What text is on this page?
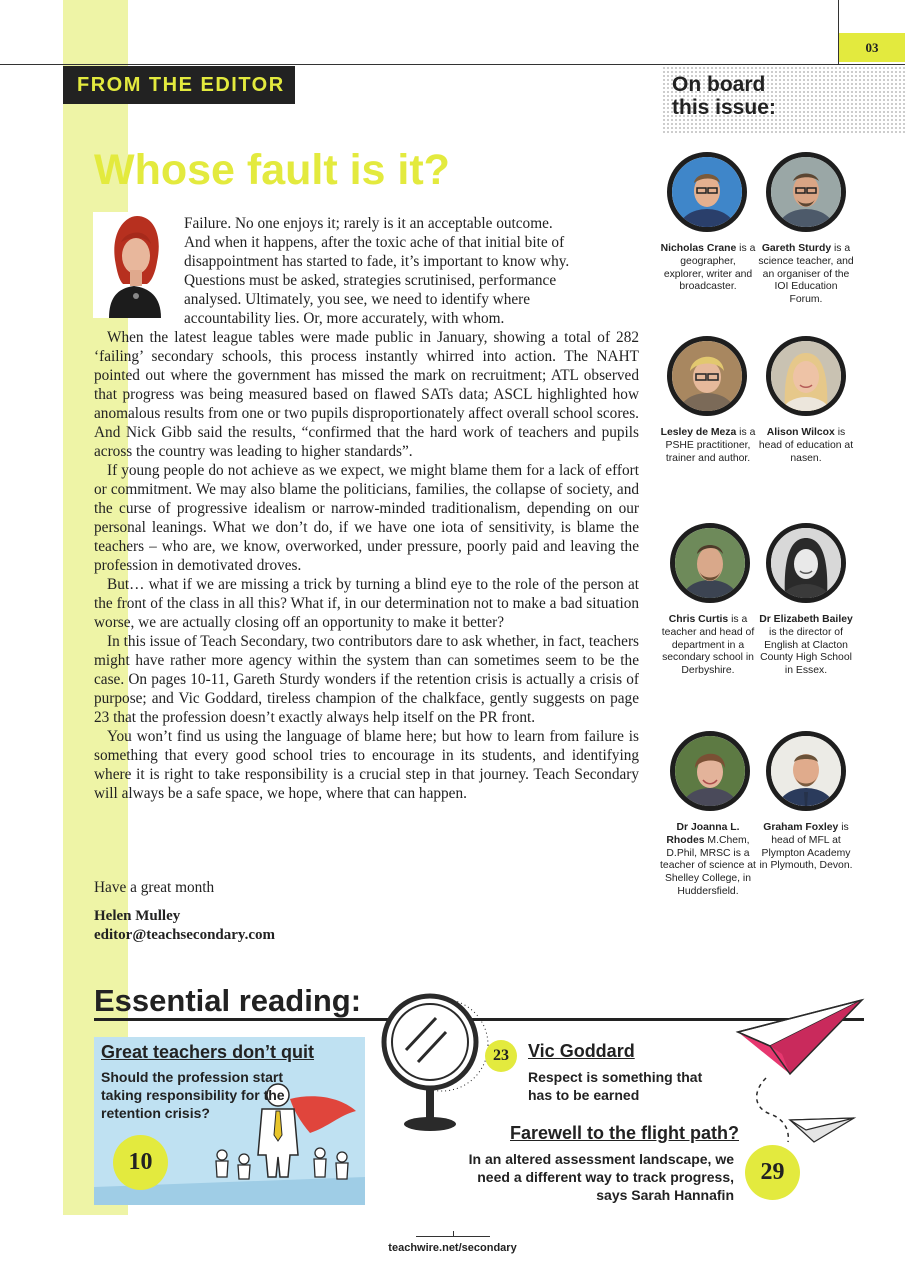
03
FROM THE EDITOR
Whose fault is it?
Failure. No one enjoys it; rarely is it an acceptable outcome.
And when it happens, after the toxic ache of that initial bite of
disappointment has started to fade, it’s important to know why.
Questions must be asked, strategies scrutinised, performance
analysed. Ultimately, you see, we need to identify where
accountability lies. Or, more accurately, with whom.

When the latest league tables were made public in January, showing a total of 282 ‘failing’ secondary schools, this process instantly whirred into action. The NAHT pointed out where the government has missed the mark on recruitment; ATL observed that progress was being measured based on flawed SATs data; ASCL highlighted how anomalous results from one or two pupils disproportionately affect overall school scores. And Nick Gibb said the results, “confirmed that the hard work of teachers and pupils across the country was leading to higher standards”.

If young people do not achieve as we expect, we might blame them for a lack of effort or commitment. We may also blame the politicians, families, the collapse of society, and the curse of progressive idealism or narrow-minded traditionalism, depending on our personal leanings. What we don’t do, if we have one iota of sensitivity, is blame the teachers – who are, we know, overworked, under pressure, poorly paid and leaving the profession in demotivated droves.

But… what if we are missing a trick by turning a blind eye to the role of the person at the front of the class in all this? What if, in our determination not to make a bad situation worse, we are actually closing off an opportunity to make it better?

In this issue of Teach Secondary, two contributors dare to ask whether, in fact, teachers might have rather more agency within the system than can sometimes seem to be the case. On pages 10-11, Gareth Sturdy wonders if the retention crisis is actually a crisis of purpose; and Vic Goddard, tireless champion of the chalkface, gently suggests on page 23 that the profession doesn’t exactly always help itself on the PR front.

You won’t find us using the language of blame here; but how to learn from failure is something that every good school tries to encourage in its students, and identifying where it is right to take responsibility is a crucial step in that journey. Teach Secondary will always be a safe space, we hope, where that can happen.

Have a great month
Helen Mulley
editor@teachsecondary.com
On board
this issue:
Nicholas Crane is a geographer, explorer, writer and broadcaster.
Gareth Sturdy is a science teacher, and an organiser of the IOI Education Forum.
Lesley de Meza is a PSHE practitioner, trainer and author.
Alison Wilcox is head of education at nasen.
Chris Curtis is a teacher and head of department in a secondary school in Derbyshire.
Dr Elizabeth Bailey is the director of English at Clacton County High School in Essex.
Dr Joanna L. Rhodes M.Chem, D.Phil, MRSC is a teacher of science at Shelley College, in Huddersfield.
Graham Foxley is head of MFL at Plympton Academy in Plymouth, Devon.
Essential reading:
Great teachers don’t quit
Should the profession start taking responsibility for the retention crisis?
10
23	Vic Goddard
Respect is something that has to be earned
Farewell to the flight path?
In an altered assessment landscape, we need a different way to track progress, says Sarah Hannafin
29
teachwire.net/secondary
